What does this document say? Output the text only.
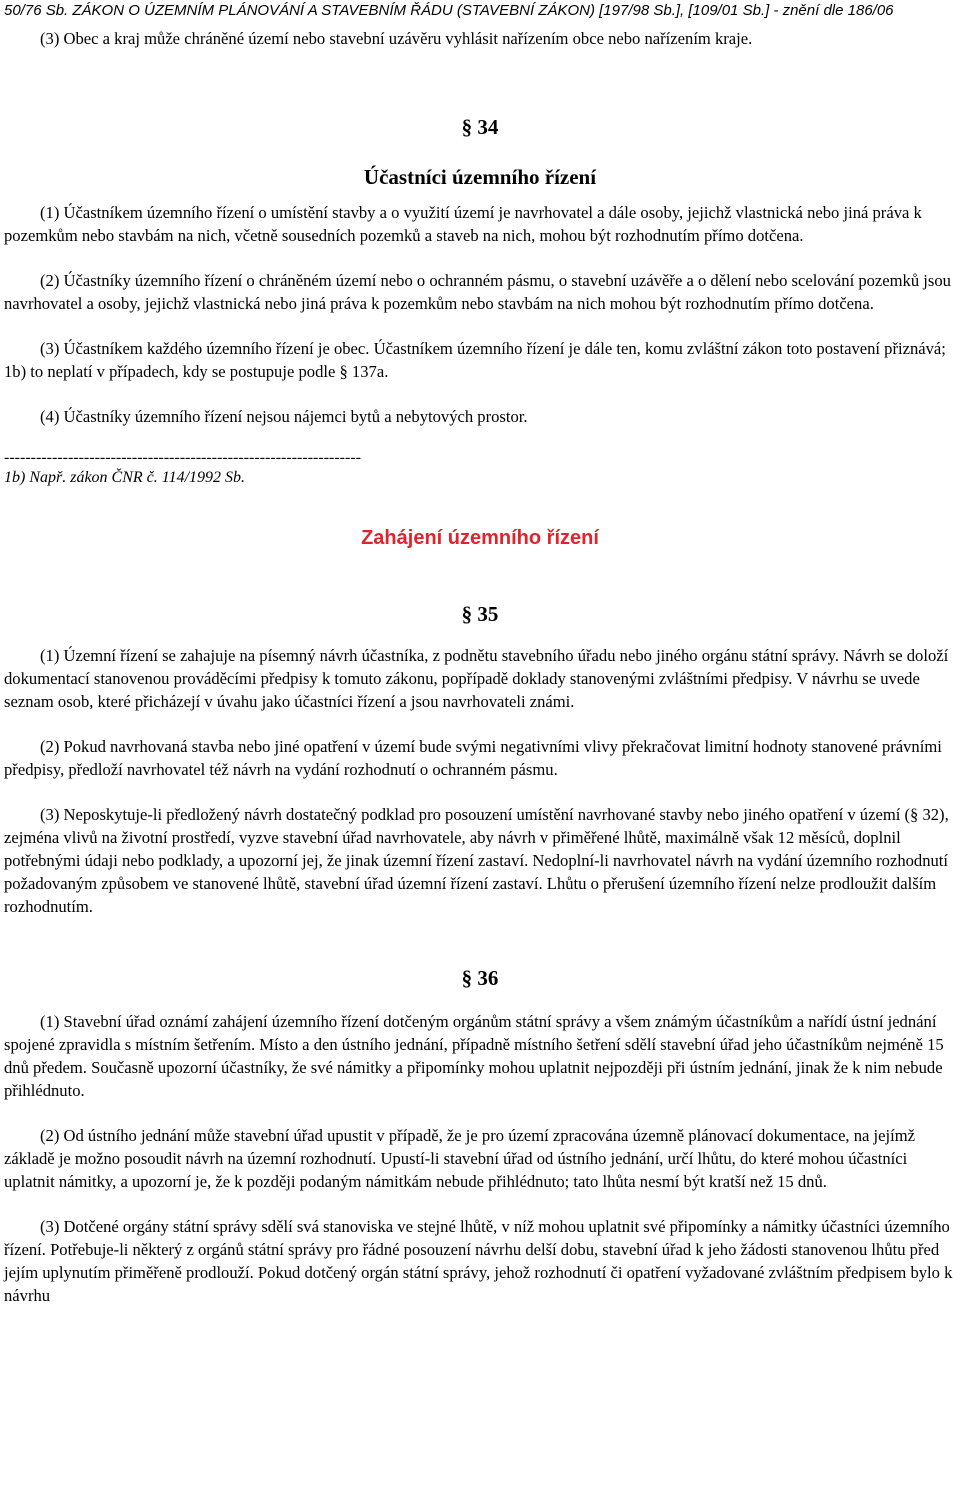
50/76 Sb. ZÁKON O ÚZEMNÍM PLÁNOVÁNÍ A STAVEBNÍM ŘÁDU (STAVEBNÍ ZÁKON) [197/98 Sb.], [109/01 Sb.] - znění dle 186/06

(3) Obec a kraj může chráněné území nebo stavební uzávěru vyhlásit nařízením obce nebo nařízením kraje.

§ 34
Účastníci územního řízení

(1) Účastníkem územního řízení o umístění stavby a o využití území je navrhovatel a dále osoby, jejichž vlastnická nebo jiná práva k pozemkům nebo stavbám na nich, včetně sousedních pozemků a staveb na nich, mohou být rozhodnutím přímo dotčena.

(2) Účastníky územního řízení o chráněném území nebo o ochranném pásmu, o stavební uzávěře a o dělení nebo scelování pozemků jsou navrhovatel a osoby, jejichž vlastnická nebo jiná práva k pozemkům nebo stavbám na nich mohou být rozhodnutím přímo dotčena.

(3) Účastníkem každého územního řízení je obec. Účastníkem územního řízení je dále ten, komu zvláštní zákon toto postavení přiznává; 1b) to neplatí v případech, kdy se postupuje podle § 137a.

(4) Účastníky územního řízení nejsou nájemci bytů a nebytových prostor.

-------------------------------------------------------------------
1b) Např. zákon ČNR č. 114/1992 Sb.
Zahájení územního řízení
§ 35

(1) Územní řízení se zahajuje na písemný návrh účastníka, z podnětu stavebního úřadu nebo jiného orgánu státní správy. Návrh se doloží dokumentací stanovenou prováděcími předpisy k tomuto zákonu, popřípadě doklady stanovenými zvláštními předpisy. V návrhu se uvede seznam osob, které přicházejí v úvahu jako účastníci řízení a jsou navrhovateli známi.

(2) Pokud navrhovaná stavba nebo jiné opatření v území bude svými negativními vlivy překračovat limitní hodnoty stanovené právními předpisy, předloží navrhovatel též návrh na vydání rozhodnutí o ochranném pásmu.

(3) Neposkytuje-li předložený návrh dostatečný podklad pro posouzení umístění navrhované stavby nebo jiného opatření v území (§ 32), zejména vlivů na životní prostředí, vyzve stavební úřad navrhovatele, aby návrh v přiměřené lhůtě, maximálně však 12 měsíců, doplnil potřebnými údaji nebo podklady, a upozorní jej, že jinak územní řízení zastaví. Nedoplní-li navrhovatel návrh na vydání územního rozhodnutí požadovaným způsobem ve stanovené lhůtě, stavební úřad územní řízení zastaví. Lhůtu o přerušení územního řízení nelze prodloužit dalším rozhodnutím.

§ 36

(1) Stavební úřad oznámí zahájení územního řízení dotčeným orgánům státní správy a všem známým účastníkům a nařídí ústní jednání spojené zpravidla s místním šetřením. Místo a den ústního jednání, případně místního šetření sdělí stavební úřad jeho účastníkům nejméně 15 dnů předem. Současně upozorní účastníky, že své námitky a připomínky mohou uplatnit nejpozději při ústním jednání, jinak že k nim nebude přihlédnuto.

(2) Od ústního jednání může stavební úřad upustit v případě, že je pro území zpracována územně plánovací dokumentace, na jejímž základě je možno posoudit návrh na územní rozhodnutí. Upustí-li stavební úřad od ústního jednání, určí lhůtu, do které mohou účastníci uplatnit námitky, a upozorní je, že k později podaným námitkám nebude přihlédnuto; tato lhůta nesmí být kratší než 15 dnů.

(3) Dotčené orgány státní správy sdělí svá stanoviska ve stejné lhůtě, v níž mohou uplatnit své připomínky a námitky účastníci územního řízení. Potřebuje-li některý z orgánů státní správy pro řádné posouzení návrhu delší dobu, stavební úřad k jeho žádosti stanovenou lhůtu před jejím uplynutím přiměřeně prodlouží. Pokud dotčený orgán státní správy, jehož rozhodnutí či opatření vyžadované zvláštním předpisem bylo k návrhu
